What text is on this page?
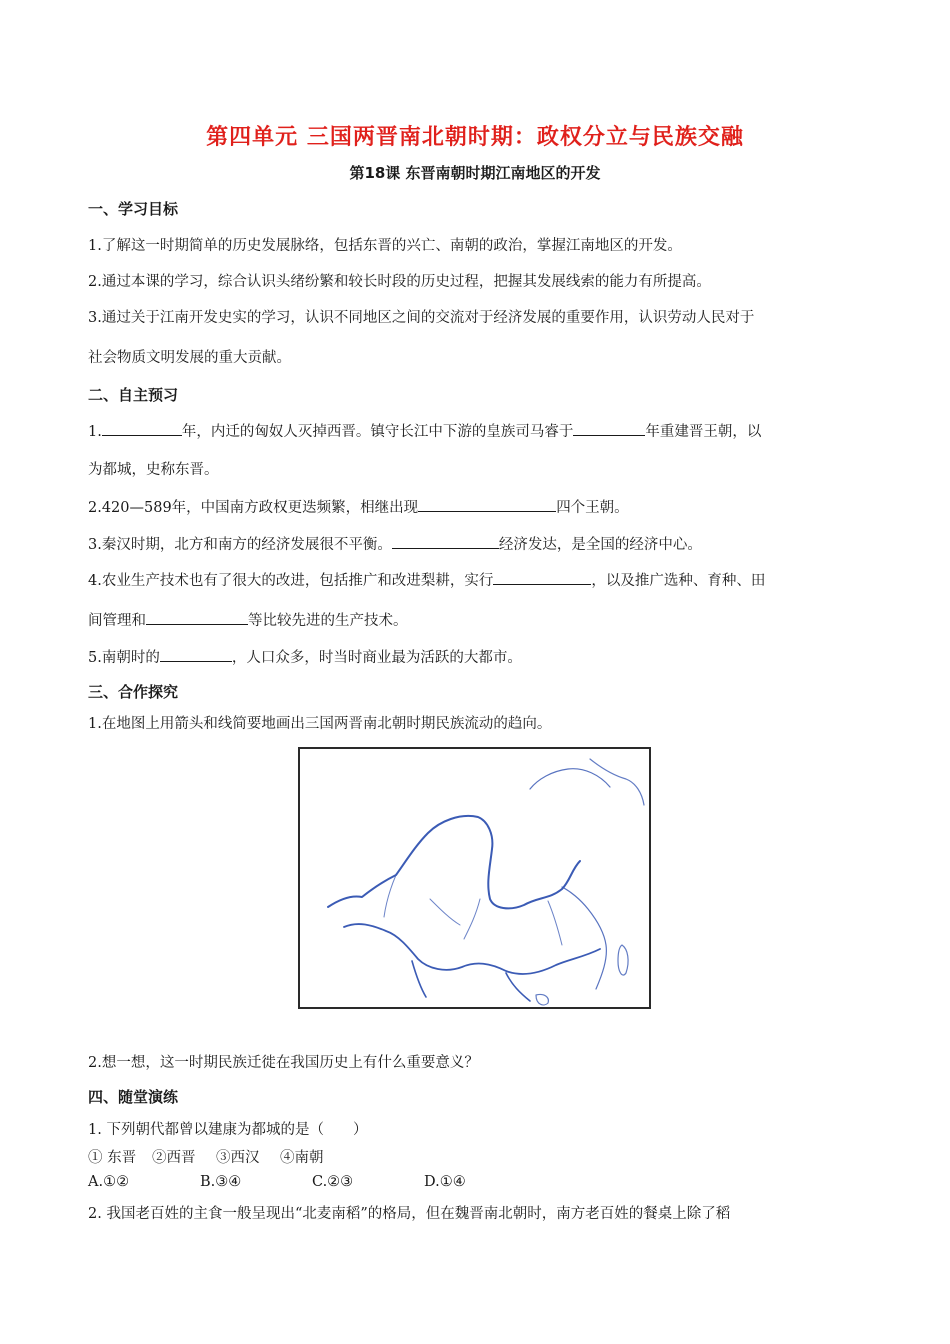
第四单元 三国两晋南北朝时期：政权分立与民族交融
第18课 东晋南朝时期江南地区的开发
一、学习目标
1.了解这一时期简单的历史发展脉络，包括东晋的兴亡、南朝的政治，掌握江南地区的开发。
2.通过本课的学习，综合认识头绪纷繁和较长时段的历史过程，把握其发展线索的能力有所提高。
3.通过关于江南开发史实的学习，认识不同地区之间的交流对于经济发展的重要作用，认识劳动人民对于
社会物质文明发展的重大贡献。
二、自主预习
1.	年，内迁的匈奴人灭掉西晋。镇守长江中下游的皇族司马睿于	年重建晋王朝，以
为都城，史称东晋。
2.420—589年，中国南方政权更迭频繁，相继出现	四个王朝。
3.秦汉时期，北方和南方的经济发展很不平衡。	经济发达，是全国的经济中心。
4.农业生产技术也有了很大的改进，包括推广和改进梨耕，实行	，以及推广选种、育种、田
间管理和	等比较先进的生产技术。
5.南朝时的	，人口众多，时当时商业最为活跃的大都市。
三、合作探究
1.在地图上用箭头和线简要地画出三国两晋南北朝时期民族流动的趋向。
2.想一想，这一时期民族迁徙在我国历史上有什么重要意义？
四、随堂演练
1. 下列朝代都曾以建康为都城的是（　　）
① 东晋 ②西晋 ③西汉 ④南朝
A.①②	B.③④	C.②③	D.①④
2. 我国老百姓的主食一般呈现出“北麦南稻”的格局，但在魏晋南北朝时，南方老百姓的餐桌上除了稻
